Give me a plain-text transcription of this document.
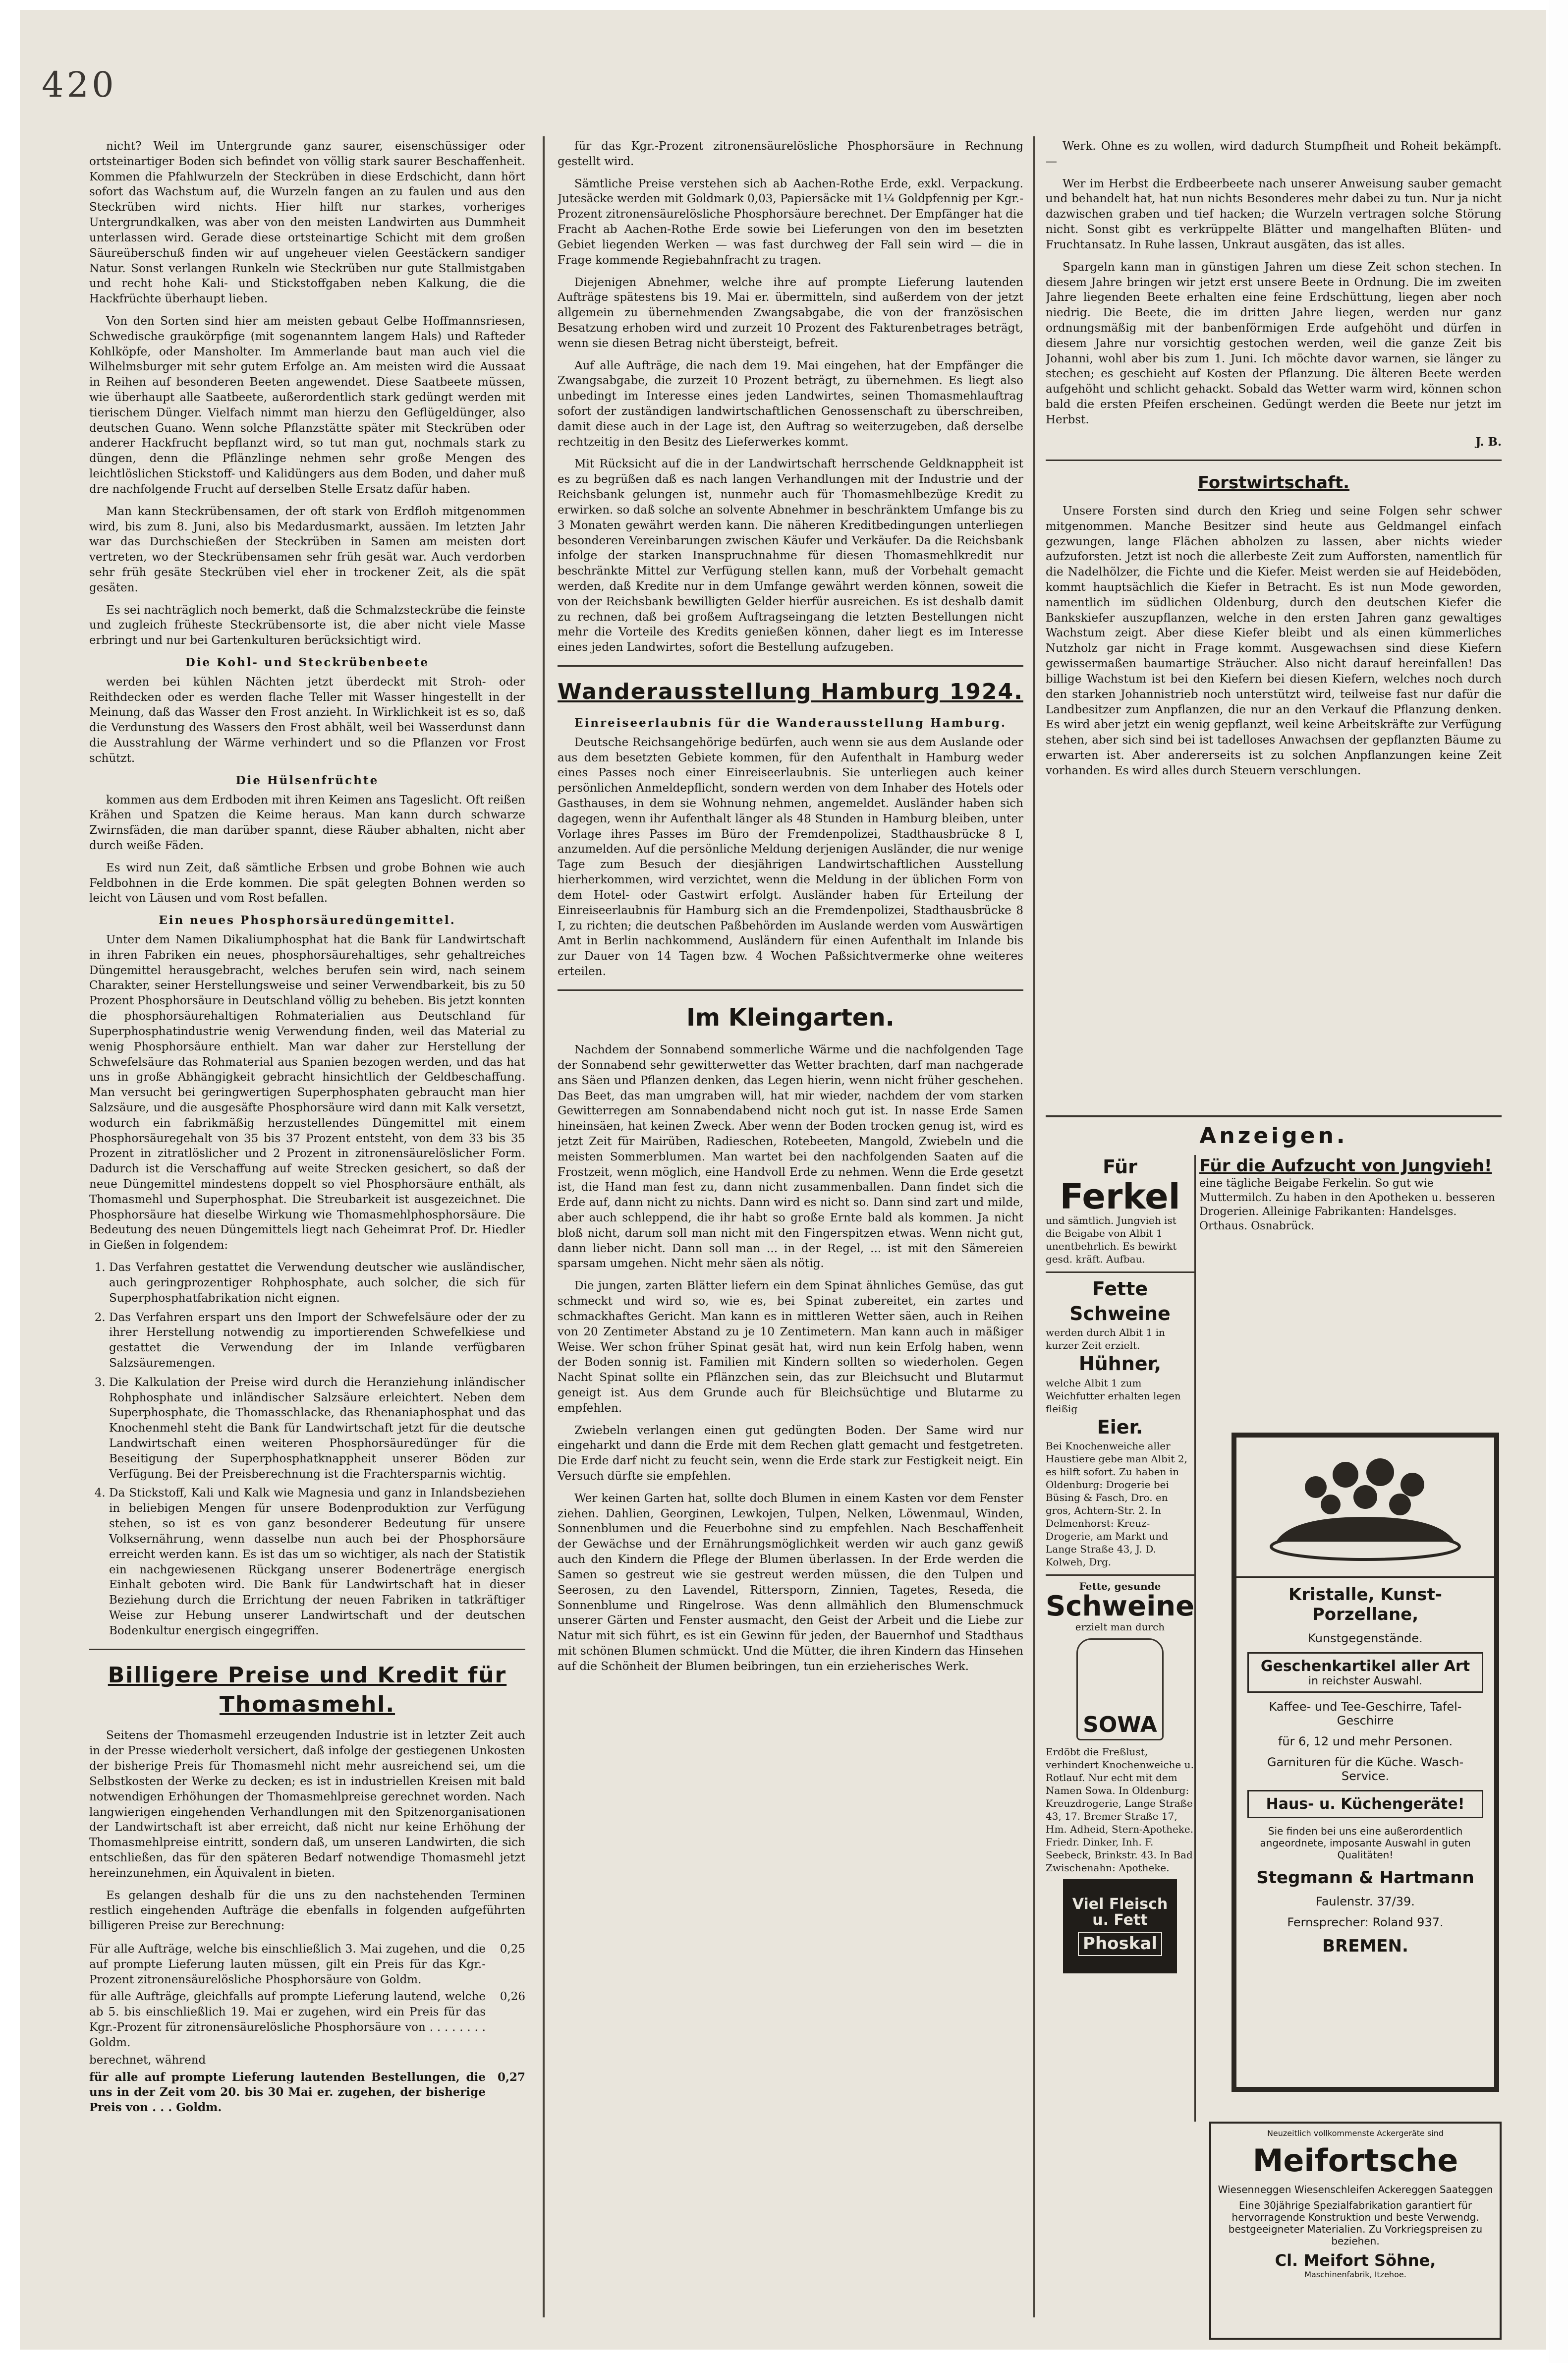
420

nicht? Weil im Untergrunde ganz saurer, eisenschüssiger oder ortsteinartiger Boden sich befindet von völlig stark saurer Beschaffenheit. Kommen die Pfahlwurzeln der Steckrüben in diese Erdschicht, dann hört sofort das Wachstum auf, die Wurzeln fangen an zu faulen und aus den Steckrüben wird nichts. Hier hilft nur starkes, vorheriges Untergrundkalken, was aber von den meisten Landwirten aus Dummheit unterlassen wird. Gerade diese ortsteinartige Schicht mit dem großen Säureüberschuß finden wir auf ungeheuer vielen Geestäckern sandiger Natur. Sonst verlangen Runkeln wie Steckrüben nur gute Stallmistgaben und recht hohe Kali- und Stickstoffgaben neben Kalkung, die die Hackfrüchte überhaupt lieben.

Von den Sorten sind hier am meisten gebaut Gelbe Hoffmannsriesen, Schwedische graukörpfige (mit sogenanntem langem Hals) und Rafteder Kohlköpfe, oder Mansholter. Im Ammerlande baut man auch viel die Wilhelmsburger mit sehr gutem Erfolge an. Am meisten wird die Aussaat in Reihen auf besonderen Beeten angewendet. Diese Saatbeete müssen, wie überhaupt alle Saatbeete, außerordentlich stark gedüngt werden mit tierischem Dünger. Vielfach nimmt man hierzu den Geflügeldünger, also deutschen Guano. Wenn solche Pflanzstätte später mit Steckrüben oder anderer Hackfrucht bepflanzt wird, so tut man gut, nochmals stark zu düngen, denn die Pflänzlinge nehmen sehr große Mengen des leichtlöslichen Stickstoff- und Kalidüngers aus dem Boden, und daher muß dre nachfolgende Frucht auf derselben Stelle Ersatz dafür haben.

Man kann Steckrübensamen, der oft stark von Erdfloh mitgenommen wird, bis zum 8. Juni, also bis Medardusmarkt, aussäen. Im letzten Jahr war das Durchschießen der Steckrüben in Samen am meisten dort vertreten, wo der Steckrübensamen sehr früh gesät war. Auch verdorben sehr früh gesäte Steckrüben viel eher in trockener Zeit, als die spät gesäten.

Es sei nachträglich noch bemerkt, daß die Schmalzsteckrübe die feinste und zugleich früheste Steckrübensorte ist, die aber nicht viele Masse erbringt und nur bei Gartenkulturen berücksichtigt wird.

Die Kohl- und Steckrübenbeete

werden bei kühlen Nächten jetzt überdeckt mit Stroh- oder Reithdecken oder es werden flache Teller mit Wasser hingestellt in der Meinung, daß das Wasser den Frost anzieht. In Wirklichkeit ist es so, daß die Verdunstung des Wassers den Frost abhält, weil bei Wasserdunst dann die Ausstrahlung der Wärme verhindert und so die Pflanzen vor Frost schützt.

Die Hülsenfrüchte

kommen aus dem Erdboden mit ihren Keimen ans Tageslicht. Oft reißen Krähen und Spatzen die Keime heraus. Man kann durch schwarze Zwirnsfäden, die man darüber spannt, diese Räuber abhalten, nicht aber durch weiße Fäden.

Es wird nun Zeit, daß sämtliche Erbsen und grobe Bohnen wie auch Feldbohnen in die Erde kommen. Die spät gelegten Bohnen werden so leicht von Läusen und vom Rost befallen.

Ein neues Phosphorsäuredüngemittel.

Unter dem Namen Dikaliumphosphat hat die Bank für Landwirtschaft in ihren Fabriken ein neues, phosphorsäurehaltiges, sehr gehaltreiches Düngemittel herausgebracht, welches berufen sein wird, nach seinem Charakter, seiner Herstellungsweise und seiner Verwendbarkeit, bis zu 50 Prozent Phosphorsäure in Deutschland völlig zu beheben. Bis jetzt konnten die phosphorsäurehaltigen Rohmaterialien aus Deutschland für Superphosphatindustrie wenig Verwendung finden, weil das Material zu wenig Phosphorsäure enthielt. Man war daher zur Herstellung der Schwefelsäure das Rohmaterial aus Spanien bezogen werden, und das hat uns in große Abhängigkeit gebracht hinsichtlich der Geldbeschaffung. Man versucht bei geringwertigen Superphosphaten gebraucht man hier Salzsäure, und die ausgesäfte Phosphorsäure wird dann mit Kalk versetzt, wodurch ein fabrikmäßig herzustellendes Düngemittel mit einem Phosphorsäuregehalt von 35 bis 37 Prozent entsteht, von dem 33 bis 35 Prozent in zitratlöslicher und 2 Prozent in zitronensäurelöslicher Form. Dadurch ist die Verschaffung auf weite Strecken gesichert, so daß der neue Düngemittel mindestens doppelt so viel Phosphorsäure enthält, als Thomasmehl und Superphosphat. Die Streubarkeit ist ausgezeichnet. Die Phosphorsäure hat dieselbe Wirkung wie Thomasmehlphosphorsäure. Die Bedeutung des neuen Düngemittels liegt nach Geheimrat Prof. Dr. Hiedler in Gießen in folgendem:

1. Das Verfahren gestattet die Verwendung deutscher wie ausländischer, auch geringprozentiger Rohphosphate, auch solcher, die sich für Superphosphatfabrikation nicht eignen.
2. Das Verfahren erspart uns den Import der Schwefelsäure oder der zu ihrer Herstellung notwendig zu importierenden Schwefelkiese und gestattet die Verwendung der im Inlande verfügbaren Salzsäuremengen.
3. Die Kalkulation der Preise wird durch die Heranziehung inländischer Rohphosphate und inländischer Salzsäure erleichtert. Neben dem Superphosphate, die Thomasschlacke, das Rhenaniaphosphat und das Knochenmehl steht die Bank für Landwirtschaft jetzt für die deutsche Landwirtschaft einen weiteren Phosphorsäuredünger für die Beseitigung der Superphosphatknappheit unserer Böden zur Verfügung. Bei der Preisberechnung ist die Frachtersparnis wichtig.
4. Da Stickstoff, Kali und Kalk wie Magnesia und ganz in Inlandsbeziehen in beliebigen Mengen für unsere Bodenproduktion zur Verfügung stehen, so ist es von ganz besonderer Bedeutung für unsere Volksernährung, wenn dasselbe nun auch bei der Phosphorsäure erreicht werden kann. Es ist das um so wichtiger, als nach der Statistik ein nachgewiesenen Rückgang unserer Bodenerträge energisch Einhalt geboten wird. Die Bank für Landwirtschaft hat in dieser Beziehung durch die Errichtung der neuen Fabriken in tatkräftiger Weise zur Hebung unserer Landwirtschaft und der deutschen Bodenkultur energisch eingegriffen.
Billigere Preise und Kredit für Thomasmehl.

Seitens der Thomasmehl erzeugenden Industrie ist in letzter Zeit auch in der Presse wiederholt versichert, daß infolge der gestiegenen Unkosten der bisherige Preis für Thomasmehl nicht mehr ausreichend sei, um die Selbstkosten der Werke zu decken; es ist in industriellen Kreisen mit bald notwendigen Erhöhungen der Thomasmehlpreise gerechnet worden. Nach langwierigen eingehenden Verhandlungen mit den Spitzenorganisationen der Landwirtschaft ist aber erreicht, daß nicht nur keine Erhöhung der Thomasmehlpreise eintritt, sondern daß, um unseren Landwirten, die sich entschließen, das für den späteren Bedarf notwendige Thomasmehl jetzt hereinzunehmen, ein Äquivalent in bieten.

Es gelangen deshalb für die uns zu den nachstehenden Terminen restlich eingehenden Aufträge die ebenfalls in folgenden aufgeführten billigeren Preise zur Berechnung:

Für alle Aufträge, welche bis einschließlich 3. Mai zugehen, und die auf prompte Lieferung lauten müssen, gilt ein Preis für das Kgr.-Prozent zitronensäurelösliche Phosphorsäure von Goldm.	0,25
für alle Aufträge, gleichfalls auf prompte Lieferung lautend, welche ab 5. bis einschließlich 19. Mai er zugehen, wird ein Preis für das Kgr.-Prozent für zitronensäurelösliche Phosphorsäure von . . . . . . . . Goldm.	0,26
berechnet, während	
für alle auf prompte Lieferung lautenden Bestellungen, die uns in der Zeit vom 20. bis 30 Mai er. zugehen, der bisherige Preis von . . . Goldm.	0,27

für das Kgr.-Prozent zitronensäurelösliche Phosphorsäure in Rechnung gestellt wird.

Sämtliche Preise verstehen sich ab Aachen-Rothe Erde, exkl. Verpackung. Jutesäcke werden mit Goldmark 0,03, Papiersäcke mit 1¼ Goldpfennig per Kgr.-Prozent zitronensäurelösliche Phosphorsäure berechnet. Der Empfänger hat die Fracht ab Aachen-Rothe Erde sowie bei Lieferungen von den im besetzten Gebiet liegenden Werken — was fast durchweg der Fall sein wird — die in Frage kommende Regiebahnfracht zu tragen.

Diejenigen Abnehmer, welche ihre auf prompte Lieferung lautenden Aufträge spätestens bis 19. Mai er. übermitteln, sind außerdem von der jetzt allgemein zu übernehmenden Zwangsabgabe, die von der französischen Besatzung erhoben wird und zurzeit 10 Prozent des Fakturenbetrages beträgt, wenn sie diesen Betrag nicht übersteigt, befreit.

Auf alle Aufträge, die nach dem 19. Mai eingehen, hat der Empfänger die Zwangsabgabe, die zurzeit 10 Prozent beträgt, zu übernehmen. Es liegt also unbedingt im Interesse eines jeden Landwirtes, seinen Thomasmehlauftrag sofort der zuständigen landwirtschaftlichen Genossenschaft zu überschreiben, damit diese auch in der Lage ist, den Auftrag so weiterzugeben, daß derselbe rechtzeitig in den Besitz des Lieferwerkes kommt.

Mit Rücksicht auf die in der Landwirtschaft herrschende Geldknappheit ist es zu begrüßen daß es nach langen Verhandlungen mit der Industrie und der Reichsbank gelungen ist, nunmehr auch für Thomasmehlbezüge Kredit zu erwirken. so daß solche an solvente Abnehmer in beschränktem Umfange bis zu 3 Monaten gewährt werden kann. Die näheren Kreditbedingungen unterliegen besonderen Vereinbarungen zwischen Käufer und Verkäufer. Da die Reichsbank infolge der starken Inanspruchnahme für diesen Thomasmehlkredit nur beschränkte Mittel zur Verfügung stellen kann, muß der Vorbehalt gemacht werden, daß Kredite nur in dem Umfange gewährt werden können, soweit die von der Reichsbank bewilligten Gelder hierfür ausreichen. Es ist deshalb damit zu rechnen, daß bei großem Auftragseingang die letzten Bestellungen nicht mehr die Vorteile des Kredits genießen können, daher liegt es im Interesse eines jeden Landwirtes, sofort die Bestellung aufzugeben.

Wanderausstellung Hamburg 1924.
Einreiseerlaubnis für die Wanderausstellung Hamburg.

Deutsche Reichsangehörige bedürfen, auch wenn sie aus dem Auslande oder aus dem besetzten Gebiete kommen, für den Aufenthalt in Hamburg weder eines Passes noch einer Einreiseerlaubnis. Sie unterliegen auch keiner persönlichen Anmeldepflicht, sondern werden von dem Inhaber des Hotels oder Gasthauses, in dem sie Wohnung nehmen, angemeldet. Ausländer haben sich dagegen, wenn ihr Aufenthalt länger als 48 Stunden in Hamburg bleiben, unter Vorlage ihres Passes im Büro der Fremdenpolizei, Stadthausbrücke 8 I, anzumelden. Auf die persönliche Meldung derjenigen Ausländer, die nur wenige Tage zum Besuch der diesjährigen Landwirtschaftlichen Ausstellung hierherkommen, wird verzichtet, wenn die Meldung in der üblichen Form von dem Hotel- oder Gastwirt erfolgt. Ausländer haben für Erteilung der Einreiseerlaubnis für Hamburg sich an die Fremdenpolizei, Stadthausbrücke 8 I, zu richten; die deutschen Paßbehörden im Auslande werden vom Auswärtigen Amt in Berlin nachkommend, Ausländern für einen Aufenthalt im Inlande bis zur Dauer von 14 Tagen bzw. 4 Wochen Paßsichtvermerke ohne weiteres erteilen.

Im Kleingarten.

Nachdem der Sonnabend sommerliche Wärme und die nachfolgenden Tage der Sonnabend sehr gewitterwetter das Wetter brachten, darf man nachgerade ans Säen und Pflanzen denken, das Legen hierin, wenn nicht früher geschehen. Das Beet, das man umgraben will, hat mir wieder, nachdem der vom starken Gewitterregen am Sonnabendabend nicht noch gut ist. In nasse Erde Samen hineinsäen, hat keinen Zweck. Aber wenn der Boden trocken genug ist, wird es jetzt Zeit für Mairüben, Radieschen, Rotebeeten, Mangold, Zwiebeln und die meisten Sommerblumen. Man wartet bei den nachfolgenden Saaten auf die Frostzeit, wenn möglich, eine Handvoll Erde zu nehmen. Wenn die Erde gesetzt ist, die Hand man fest zu, dann nicht zusammenballen. Dann findet sich die Erde auf, dann nicht zu nichts. Dann wird es nicht so. Dann sind zart und milde, aber auch schleppend, die ihr habt so große Ernte bald als kommen. Ja nicht bloß nicht, darum soll man nicht mit den Fingerspitzen etwas. Wenn nicht gut, dann lieber nicht. Dann soll man ... in der Regel, ... ist mit den Sämereien sparsam umgehen. Nicht mehr säen als nötig.

Die jungen, zarten Blätter liefern ein dem Spinat ähnliches Gemüse, das gut schmeckt und wird so, wie es, bei Spinat zubereitet, ein zartes und schmackhaftes Gericht. Man kann es in mittleren Wetter säen, auch in Reihen von 20 Zentimeter Abstand zu je 10 Zentimetern. Man kann auch in mäßiger Weise. Wer schon früher Spinat gesät hat, wird nun kein Erfolg haben, wenn der Boden sonnig ist. Familien mit Kindern sollten so wiederholen. Gegen Nacht Spinat sollte ein Pflänzchen sein, das zur Bleichsucht und Blutarmut geneigt ist. Aus dem Grunde auch für Bleichsüchtige und Blutarme zu empfehlen.

Zwiebeln verlangen einen gut gedüngten Boden. Der Same wird nur eingeharkt und dann die Erde mit dem Rechen glatt gemacht und festgetreten. Die Erde darf nicht zu feucht sein, wenn die Erde stark zur Festigkeit neigt. Ein Versuch dürfte sie empfehlen.

Wer keinen Garten hat, sollte doch Blumen in einem Kasten vor dem Fenster ziehen. Dahlien, Georginen, Lewkojen, Tulpen, Nelken, Löwenmaul, Winden, Sonnenblumen und die Feuerbohne sind zu empfehlen. Nach Beschaffenheit der Gewächse und der Ernährungsmöglichkeit werden wir auch ganz gewiß auch den Kindern die Pflege der Blumen überlassen. In der Erde werden die Samen so gestreut wie sie gestreut werden müssen, die den Tulpen und Seerosen, zu den Lavendel, Rittersporn, Zinnien, Tagetes, Reseda, die Sonnenblume und Ringelrose. Was denn allmählich den Blumenschmuck unserer Gärten und Fenster ausmacht, den Geist der Arbeit und die Liebe zur Natur mit sich führt, es ist ein Gewinn für jeden, der Bauernhof und Stadthaus mit schönen Blumen schmückt. Und die Mütter, die ihren Kindern das Hinsehen auf die Schönheit der Blumen beibringen, tun ein erzieherisches Werk.

Werk. Ohne es zu wollen, wird dadurch Stumpfheit und Roheit bekämpft. —

Wer im Herbst die Erdbeerbeete nach unserer Anweisung sauber gemacht und behandelt hat, hat nun nichts Besonderes mehr dabei zu tun. Nur ja nicht dazwischen graben und tief hacken; die Wurzeln vertragen solche Störung nicht. Sonst gibt es verkrüppelte Blätter und mangelhaften Blüten- und Fruchtansatz. In Ruhe lassen, Unkraut ausgäten, das ist alles.

Spargeln kann man in günstigen Jahren um diese Zeit schon stechen. In diesem Jahre bringen wir jetzt erst unsere Beete in Ordnung. Die im zweiten Jahre liegenden Beete erhalten eine feine Erdschüttung, liegen aber noch niedrig. Die Beete, die im dritten Jahre liegen, werden nur ganz ordnungsmäßig mit der banbenförmigen Erde aufgehöht und dürfen in diesem Jahre nur vorsichtig gestochen werden, weil die ganze Zeit bis Johanni, wohl aber bis zum 1. Juni. Ich möchte davor warnen, sie länger zu stechen; es geschieht auf Kosten der Pflanzung. Die älteren Beete werden aufgehöht und schlicht gehackt. Sobald das Wetter warm wird, können schon bald die ersten Pfeifen erscheinen. Gedüngt werden die Beete nur jetzt im Herbst.

J. B.
Forstwirtschaft.

Unsere Forsten sind durch den Krieg und seine Folgen sehr schwer mitgenommen. Manche Besitzer sind heute aus Geldmangel einfach gezwungen, lange Flächen abholzen zu lassen, aber nichts wieder aufzuforsten. Jetzt ist noch die allerbeste Zeit zum Aufforsten, namentlich für die Nadelhölzer, die Fichte und die Kiefer. Meist werden sie auf Heideböden, kommt hauptsächlich die Kiefer in Betracht. Es ist nun Mode geworden, namentlich im südlichen Oldenburg, durch den deutschen Kiefer die Bankskiefer auszupflanzen, welche in den ersten Jahren ganz gewaltiges Wachstum zeigt. Aber diese Kiefer bleibt und als einen kümmerliches Nutzholz gar nicht in Frage kommt. Ausgewachsen sind diese Kiefern gewissermaßen baumartige Sträucher. Also nicht darauf hereinfallen! Das billige Wachstum ist bei den Kiefern bei diesen Kiefern, welches noch durch den starken Johannistrieb noch unterstützt wird, teilweise fast nur dafür die Landbesitzer zum Anpflanzen, die nur an den Verkauf die Pflanzung denken. Es wird aber jetzt ein wenig gepflanzt, weil keine Arbeitskräfte zur Verfügung stehen, aber sich sind bei ist tadelloses Anwachsen der gepflanzten Bäume zu erwarten ist. Aber andererseits ist zu solchen Anpflanzungen keine Zeit vorhanden. Es wird alles durch Steuern verschlungen.

Anzeigen.
Für die Aufzucht von Jungvieh!
eine tägliche Beigabe Ferkelin. So gut wie Muttermilch. Zu haben in den Apotheken u. besseren Drogerien. Alleinige Fabrikanten: Handelsges. Orthaus. Osnabrück.
Für
Ferkel
und sämtlich. Jungvieh ist die Beigabe von Albit 1 unentbehrlich. Es bewirkt gesd. kräft. Aufbau.
Fette Schweine
werden durch Albit 1 in kurzer Zeit erzielt.
Hühner,
welche Albit 1 zum Weichfutter erhalten legen fleißig
Eier.
Bei Knochenweiche aller Haustiere gebe man Albit 2, es hilft sofort. Zu haben in Oldenburg: Drogerie bei Büsing & Fasch, Dro. en gros, Achtern-Str. 2. In Delmenhorst: Kreuz-Drogerie, am Markt und Lange Straße 43, J. D. Kolweh, Drg.
Fette, gesunde
Schweine
erzielt man durch
SOWA
Erdöbt die Freßlust, verhindert Knochenweiche u. Rotlauf. Nur echt mit dem Namen Sowa. In Oldenburg: Kreuzdrogerie, Lange Straße 43, 17. Bremer Straße 17, Hm. Adheid, Stern-Apotheke. Friedr. Dinker, Inh. F. Seebeck, Brinkstr. 43. In Bad Zwischenahn: Apotheke.
Viel Fleisch u. Fett
Phoskal
Kristalle, Kunst-Porzellane,
Kunstgegenstände.
Geschenkartikel aller Art
in reichster Auswahl.
Kaffee- und Tee-Geschirre, Tafel-Geschirre
für 6, 12 und mehr Personen.
Garnituren für die Küche. Wasch-Service.
Haus- u. Küchengeräte!
Sie finden bei uns eine außerordentlich angeordnete, imposante Auswahl in guten Qualitäten!
Stegmann & Hartmann
Faulenstr. 37/39.
Fernsprecher: Roland 937.
BREMEN.
Neuzeitlich vollkommenste Ackergeräte sind
Meifortsche
Wiesenneggen Wiesenschleifen Ackereggen Saateggen
Eine 30jährige Spezialfabrikation garantiert für hervorragende Konstruktion und beste Verwendg. bestgeeigneter Materialien. Zu Vorkriegspreisen zu beziehen.
Cl. Meifort Söhne,
Maschinenfabrik, Itzehoe.
